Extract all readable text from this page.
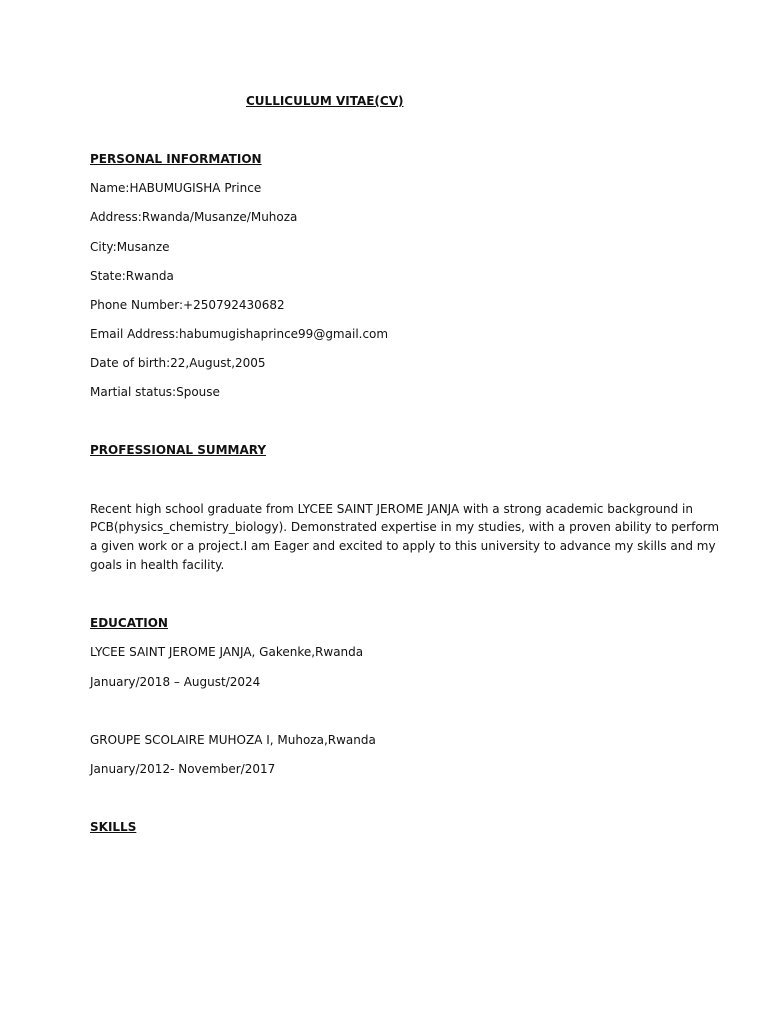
CULLICULUM VITAE(CV)
PERSONAL INFORMATION
Name:HABUMUGISHA Prince
Address:Rwanda/Musanze/Muhoza
City:Musanze
State:Rwanda
Phone Number:+250792430682
Email Address:habumugishaprince99@gmail.com
Date of birth:22,August,2005
Martial status:Spouse
PROFESSIONAL SUMMARY
Recent high school graduate from LYCEE SAINT JEROME JANJA with a strong academic background in
PCB(physics_chemistry_biology). Demonstrated expertise in my studies, with a proven ability to perform
a given work or a project.I am Eager and excited to apply to this university to advance my skills and my
goals in health facility.
EDUCATION
LYCEE SAINT JEROME JANJA, Gakenke,Rwanda
January/2018 – August/2024
GROUPE SCOLAIRE MUHOZA I, Muhoza,Rwanda
January/2012- November/2017
SKILLS
